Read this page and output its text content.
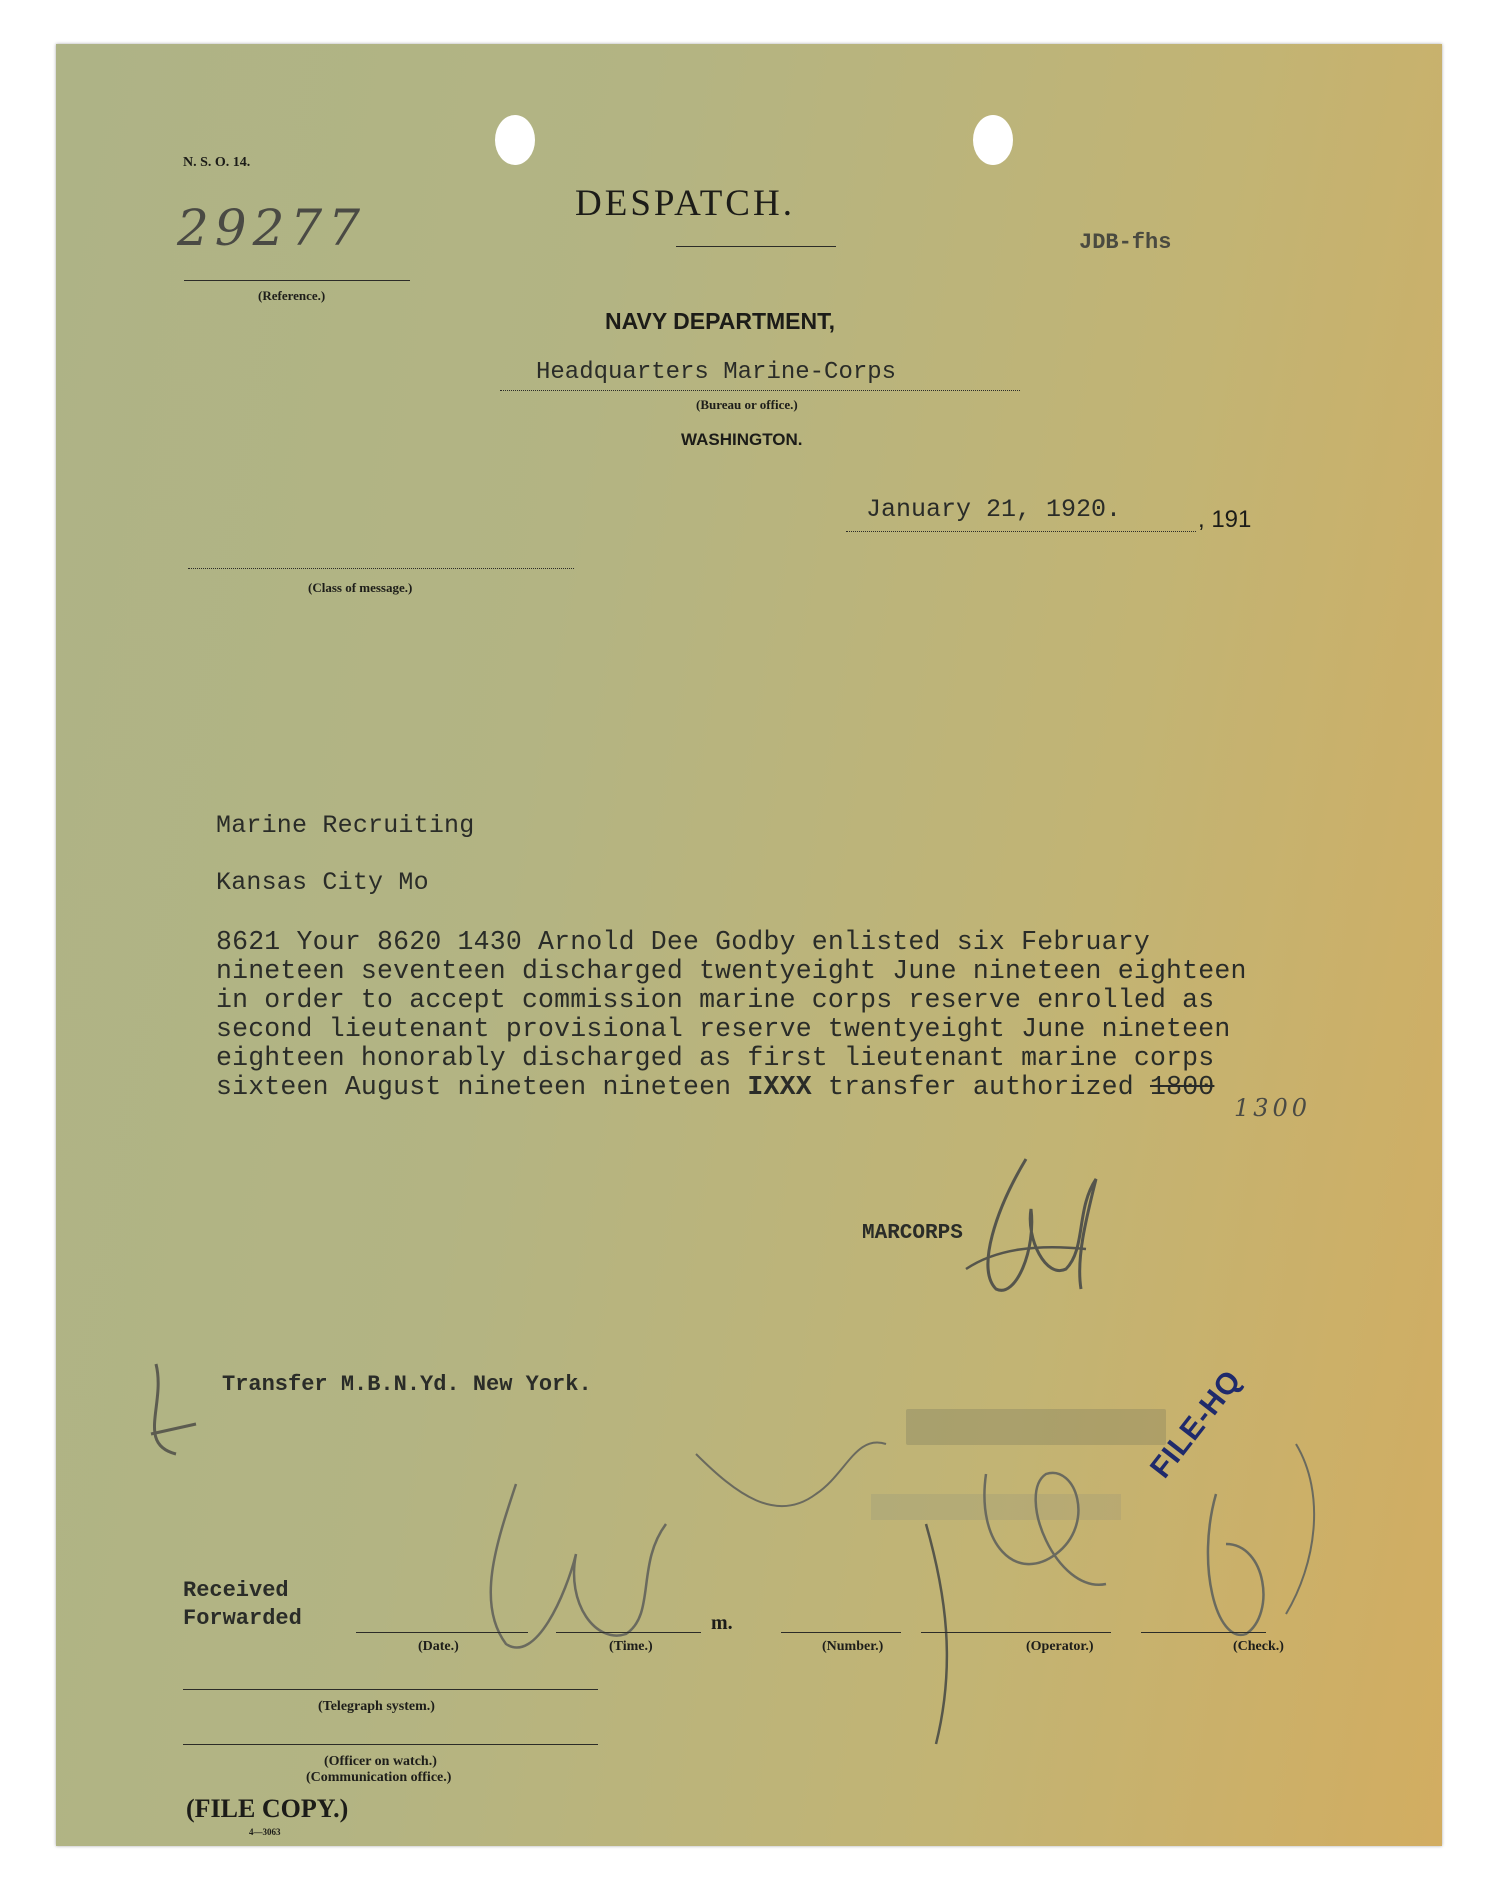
N. S. O. 14.
DESPATCH.
29277
(Reference.)
JDB-fhs
NAVY DEPARTMENT,
Headquarters Marine-Corps
(Bureau or office.)
WASHINGTON.
January 21, 1920.	, 191
(Class of message.)
Marine Recruiting
Kansas City Mo
8621 Your 8620 1430 Arnold Dee Godby enlisted six February
nineteen seventeen discharged twentyeight June nineteen eighteen
in order to accept commission marine corps reserve enrolled as
second lieutenant provisional reserve twentyeight June nineteen
eighteen honorably discharged as first lieutenant marine corps
sixteen August nineteen nineteen IXXX transfer authorized 1800
1300
MARCORPS
Transfer M.B.N.Yd. New York.	FILE-HQ
Received
Forwarded	m.
(Date.)	(Time.)	(Number.)	(Operator.)	(Check.)
(Telegraph system.)
(Officer on watch.)
(Communication office.)
(FILE COPY.)
4—3063
